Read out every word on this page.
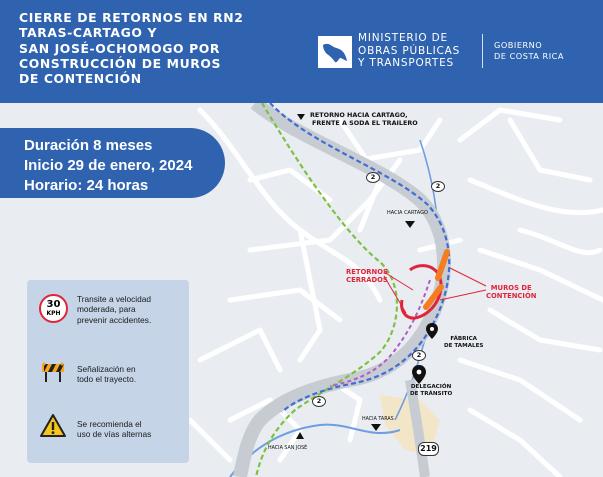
RETORNO HACIA CARTAGO,
FRENTE A SODA EL TRAILERO
HACIA CARTAGO
RETORNOS
CERRADOS
MUROS DE
CONTENCIÓN
FÁBRICA
DE TAMALES
DELEGACIÓN
DE TRÁNSITO
HACIA TARAS
HACIA SAN JOSÉ
2
2
2
2
219
CIERRE DE RETORNOS EN RN2
TARAS-CARTAGO Y
SAN JOSÉ-OCHOMOGO POR
CONSTRUCCIÓN DE MUROS
DE CONTENCIÓN
MINISTERIO DE
OBRAS PÚBLICAS
Y TRANSPORTES
GOBIERNO
DE COSTA RICA
Duración 8 meses
Inicio 29 de enero, 2024
Horario: 24 horas
30
KPH
Transite a velocidad
moderada, para
prevenir accidentes.
Señalización en
todo el trayecto.
Se recomienda el
uso de vías alternas
